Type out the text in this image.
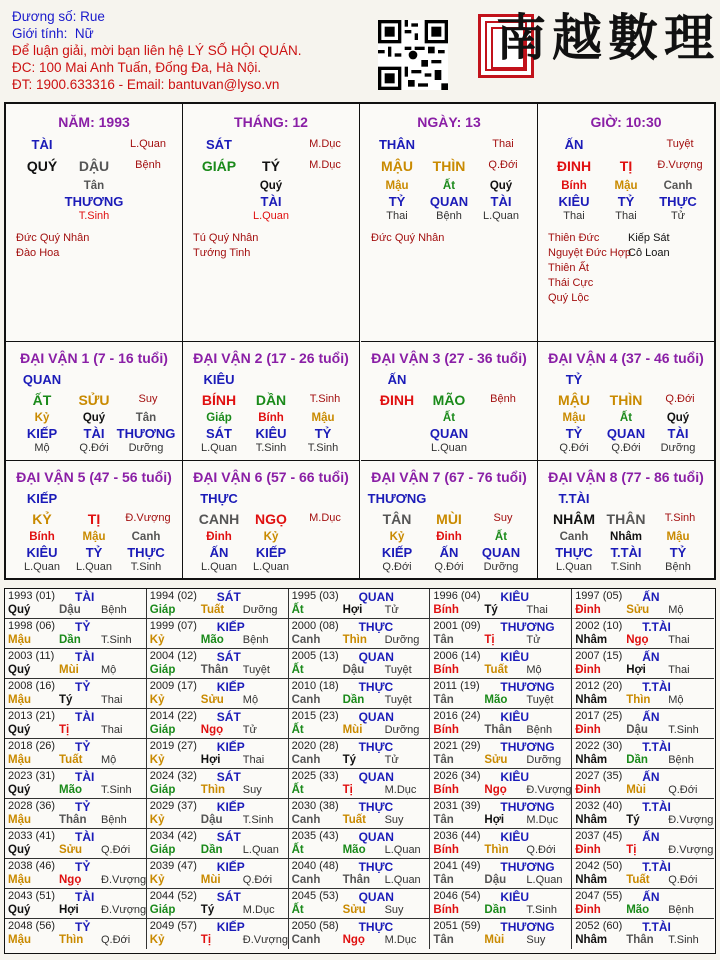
Đương số: Rue
Giới tính: Nữ
Để luận giải, mời bạn liên hệ LÝ SỐ HỘI QUÁN.
ĐC: 100 Mai Anh Tuấn, Đống Đa, Hà Nội.
ĐT: 1900.633316 - Email: bantuvan@lyso.vn
南越數理
NĂM: 1993
TÀI	L.Quan
QUÝ	DẬU	Bệnh
Tân
THƯƠNG
T.Sinh
Đức Quý Nhân
Đào Hoa
THÁNG: 12
SÁT	M.Dục
GIÁP	TÝ	M.Dục
Quý
TÀI
L.Quan
Tú Quý Nhân
Tướng Tinh
NGÀY: 13
THÂN	Thai
MẬU	THÌN	Q.Đới
Mậu
TỶ
Thai
Ất
QUAN
Bệnh
Quý
TÀI
L.Quan
Đức Quý Nhân
GIỜ: 10:30
ẤN	Tuyệt
ĐINH	TỊ	Đ.Vượng
Bính
KIÊU
Thai
Mậu
TỶ
Thai
Canh
THỰC
Tử
Thiên Đức
Nguyệt Đức Hợp
Thiên Ất
Thái Cực
Quý Lộc
Kiếp Sát
Cô Loan
ĐẠI VẬN 1 (7 - 16 tuổi)
QUAN
ẤT	SỬU	Suy
Kỷ
KIẾP
Mộ
Quý
TÀI
Q.Đới
Tân
THƯƠNG
Dưỡng
ĐẠI VẬN 2 (17 - 26 tuổi)
KIÊU
BÍNH	DẦN	T.Sinh
Giáp
SÁT
L.Quan
Bính
KIÊU
T.Sinh
Mậu
TỶ
T.Sinh
ĐẠI VẬN 3 (27 - 36 tuổi)
ẤN
ĐINH	MÃO	Bệnh
Ất
QUAN
L.Quan
ĐẠI VẬN 4 (37 - 46 tuổi)
TỶ
MẬU	THÌN	Q.Đới
Mậu
TỶ
Q.Đới
Ất
QUAN
Q.Đới
Quý
TÀI
Dưỡng
ĐẠI VẬN 5 (47 - 56 tuổi)
KIẾP
KỶ	TỊ	Đ.Vượng
Bính
KIÊU
L.Quan
Mậu
TỶ
L.Quan
Canh
THỰC
T.Sinh
ĐẠI VẬN 6 (57 - 66 tuổi)
THỰC
CANH	NGỌ	M.Dục
Đinh
ẤN
L.Quan
Kỷ
KIẾP
L.Quan
ĐẠI VẬN 7 (67 - 76 tuổi)
THƯƠNG
TÂN	MÙI	Suy
Kỷ
KIẾP
Q.Đới
Đinh
ẤN
Q.Đới
Ất
QUAN
Dưỡng
ĐẠI VẬN 8 (77 - 86 tuổi)
T.TÀI
NHÂM THÂN	T.Sinh
Canh
THỰC
L.Quan
Nhâm
T.TÀI
T.Sinh
Mậu
TỶ
Bệnh
1993 (01) TÀI
Quý Dậu Bệnh
1994 (02) SÁT
Giáp Tuất Dưỡng
1995 (03) QUAN
Ất	Hợi Tử
1996 (04) KIÊU
Bính Tý	Thai
1997 (05) ẤN
Đinh Sửu Mộ
1998 (06) TỶ
Mậu Dần T.Sinh
1999 (07) KIẾP
Kỷ	Mão Bệnh
2000 (08) THỰC
Canh Thìn Dưỡng
2001 (09) THƯƠNG
Tân	Tị	Tử
2002 (10) T.TÀI
Nhâm Ngọ Thai
2003 (11) TÀI
Quý Mùi Mộ
2004 (12) SÁT
Giáp Thân Tuyệt
2005 (13) QUAN
Ất	Dậu Tuyệt
2006 (14) KIÊU
Bính Tuất Mộ
2007 (15) ẤN
Đinh Hợi Thai
2008 (16) TỶ
Mậu Tý	Thai
2009 (17) KIẾP
Kỷ	Sửu Mộ
2010 (18) THỰC
Canh Dần Tuyệt
2011 (19) THƯƠNG
Tân	Mão Tuyệt
2012 (20) T.TÀI
Nhâm Thìn Mộ
2013 (21) TÀI
Quý Tị	Thai
2014 (22) SÁT
Giáp Ngọ Tử
2015 (23) QUAN
Ất	Mùi Dưỡng
2016 (24) KIÊU
Bính Thân Bệnh
2017 (25) ẤN
Đinh Dậu T.Sinh
2018 (26) TỶ
Mậu Tuất Mộ
2019 (27) KIẾP
Kỷ	Hợi Thai
2020 (28) THỰC
Canh Tý	Tử
2021 (29) THƯƠNG
Tân	Sửu Dưỡng
2022 (30) T.TÀI
Nhâm Dần Bệnh
2023 (31) TÀI
Quý Mão T.Sinh
2024 (32) SÁT
Giáp Thìn Suy
2025 (33) QUAN
Ất	Tị	M.Dục
2026 (34) KIÊU
Bính Ngọ Đ.Vượng
2027 (35) ẤN
Đinh Mùi Q.Đới
2028 (36) TỶ
Mậu Thân Bệnh
2029 (37) KIẾP
Kỷ	Dậu T.Sinh
2030 (38) THỰC
Canh Tuất Suy
2031 (39) THƯƠNG
Tân	Hợi M.Dục
2032 (40) T.TÀI
Nhâm Tý	Đ.Vượng
2033 (41) TÀI
Quý Sửu Q.Đới
2034 (42) SÁT
Giáp Dần L.Quan
2035 (43) QUAN
Ất	Mão L.Quan
2036 (44) KIÊU
Bính Thìn Q.Đới
2037 (45) ẤN
Đinh Tị	Đ.Vượng
2038 (46) TỶ
Mậu Ngọ Đ.Vượng
2039 (47) KIẾP
Kỷ	Mùi Q.Đới
2040 (48) THỰC
Canh Thân L.Quan
2041 (49) THƯƠNG
Tân	Dậu L.Quan
2042 (50) T.TÀI
Nhâm Tuất Q.Đới
2043 (51) TÀI
Quý Hợi Đ.Vượng
2044 (52) SÁT
Giáp Tý	M.Dục
2045 (53) QUAN
Ất	Sửu Suy
2046 (54) KIÊU
Bính Dần T.Sinh
2047 (55) ẤN
Đinh Mão Bệnh
2048 (56) TỶ
Mậu Thìn Q.Đới
2049 (57) KIẾP
Kỷ	Tị	Đ.Vượng
2050 (58) THỰC
Canh Ngọ M.Dục
2051 (59) THƯƠNG
Tân	Mùi Suy
2052 (60) T.TÀI
Nhâm Thân T.Sinh
